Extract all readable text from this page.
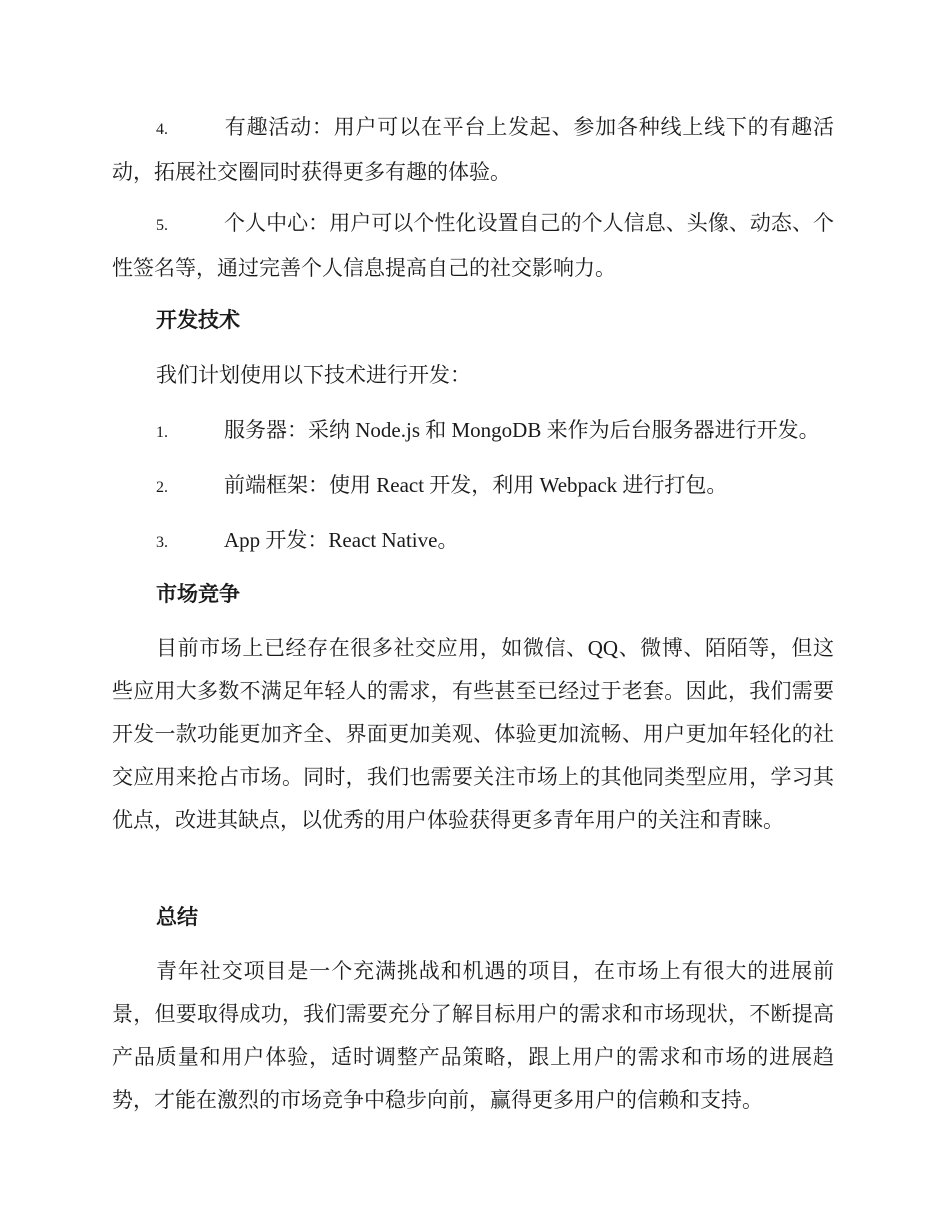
4.	有趣活动：用户可以在平台上发起、参加各种线上线下的有趣活动，拓展社交圈同时获得更多有趣的体验。

5.	个人中心：用户可以个性化设置自己的个人信息、头像、动态、个性签名等，通过完善个人信息提高自己的社交影响力。

开发技术

我们计划使用以下技术进行开发：

1.	服务器：采纳 Node.js 和 MongoDB 来作为后台服务器进行开发。

2.	前端框架：使用 React 开发，利用 Webpack 进行打包。

3.	App 开发：React Native。

市场竞争

目前市场上已经存在很多社交应用，如微信、QQ、微博、陌陌等，但这些应用大多数不满足年轻人的需求，有些甚至已经过于老套。因此，我们需要开发一款功能更加齐全、界面更加美观、体验更加流畅、用户更加年轻化的社交应用来抢占市场。同时，我们也需要关注市场上的其他同类型应用，学习其优点，改进其缺点，以优秀的用户体验获得更多青年用户的关注和青睐。

总结

青年社交项目是一个充满挑战和机遇的项目，在市场上有很大的进展前景，但要取得成功，我们需要充分了解目标用户的需求和市场现状，不断提高产品质量和用户体验，适时调整产品策略，跟上用户的需求和市场的进展趋势，才能在激烈的市场竞争中稳步向前，赢得更多用户的信赖和支持。
